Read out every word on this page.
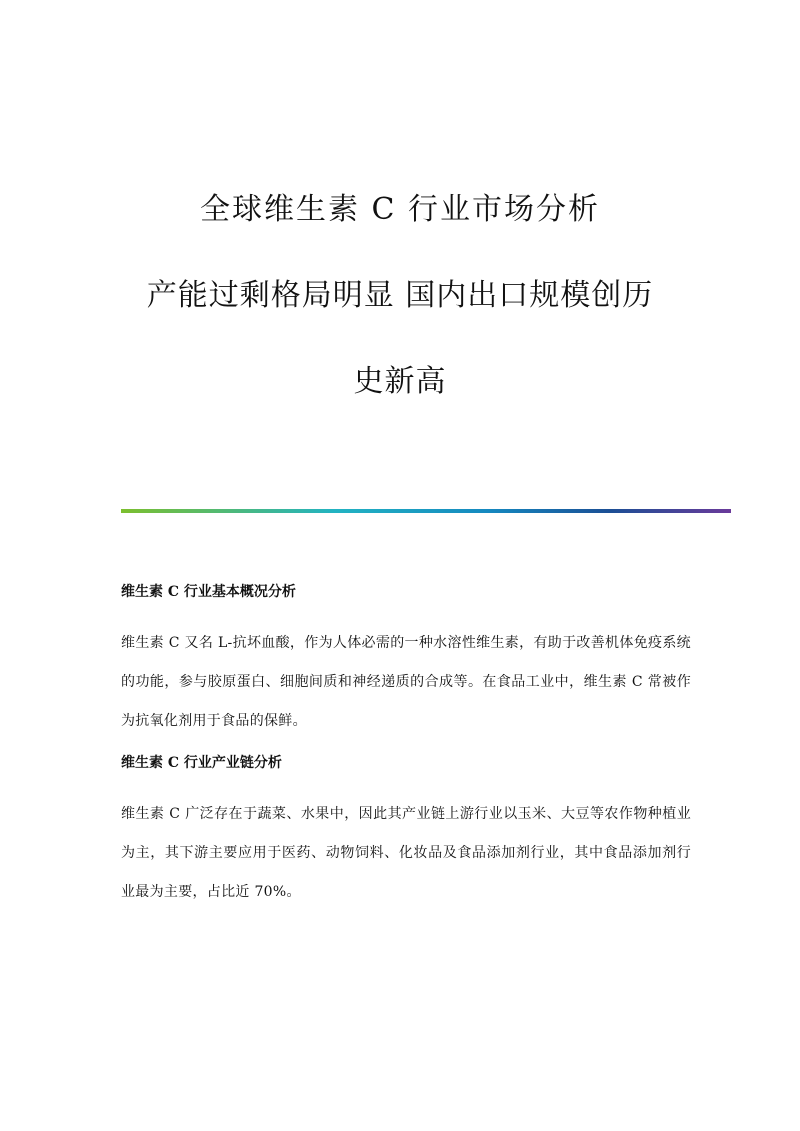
全球维生素 C 行业市场分析
产能过剩格局明显 国内出口规模创历
史新高
维生素 C 行业基本概况分析

维生素 C 又名 L-抗坏血酸，作为人体必需的一种水溶性维生素，有助于改善机体免疫系统的功能，参与胶原蛋白、细胞间质和神经递质的合成等。在食品工业中，维生素 C 常被作为抗氧化剂用于食品的保鲜。

维生素 C 行业产业链分析

维生素 C 广泛存在于蔬菜、水果中，因此其产业链上游行业以玉米、大豆等农作物种植业为主，其下游主要应用于医药、动物饲料、化妆品及食品添加剂行业，其中食品添加剂行业最为主要，占比近 70%。
